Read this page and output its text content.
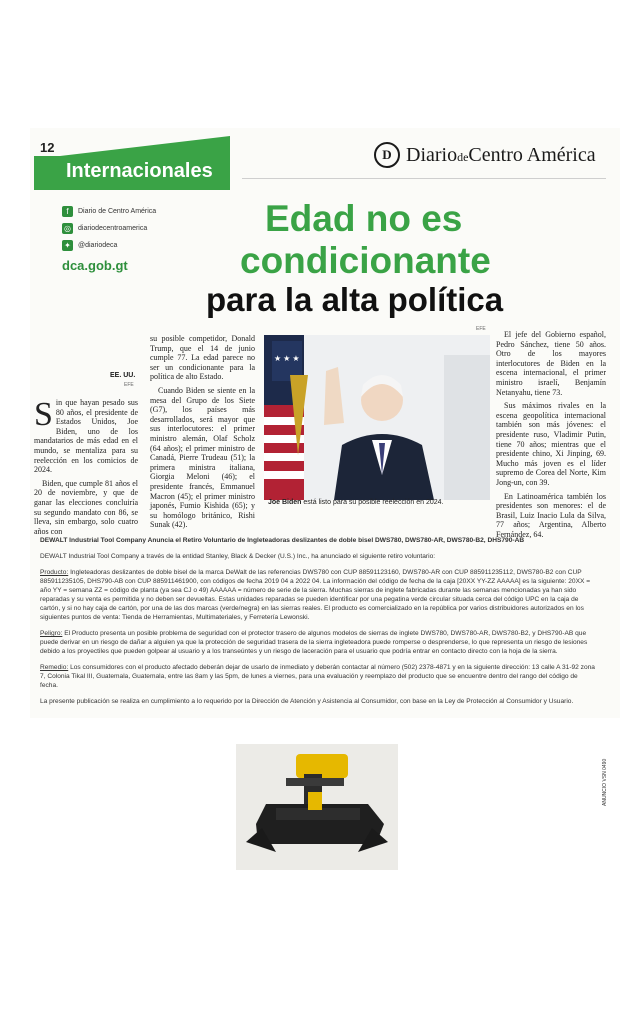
12
Internacionales
D DiariodeCentro América
f	Diario de Centro América
◎ diariodecentroamerica
✦	@diariodeca
dca.gob.gt
Edad no es
condicionante
para la alta política
EE. UU.
EFE

Sin que hayan pesado sus 80 años, el presidente de Estados Unidos, Joe Biden, uno de los mandatarios de más edad en el mundo, se mentaliza para su reelección en los comicios de 2024.

Biden, que cumple 81 años el 20 de noviembre, y que de ganar las elecciones concluiría su segundo mandato con 86, se lleva, sin embargo, solo cuatro años con

su posible competidor, Donald Trump, que el 14 de junio cumple 77. La edad parece no ser un condicionante para la política de alto Estado.

Cuando Biden se siente en la mesa del Grupo de los Siete (G7), los países más desarrollados, será mayor que sus interlocutores: el primer ministro alemán, Olaf Scholz (64 años); el primer ministro de Canadá, Pierre Trudeau (51); la primera ministra italiana, Giorgia Meloni (46); el presidente francés, Emmanuel Macron (45); el primer ministro japonés, Fumio Kishida (65); y su homólogo británico, Rishi Sunak (42).

★ ★ ★
EFE
Joe Biden está listo para su posible reelección en 2024.

El jefe del Gobierno español, Pedro Sánchez, tiene 50 años. Otro de los mayores interlocutores de Biden en la escena internacional, el primer ministro israelí, Benjamín Netanyahu, tiene 73.

Sus máximos rivales en la escena geopolítica internacional también son más jóvenes: el presidente ruso, Vladimir Putin, tiene 70 años; mientras que el presidente chino, Xi Jinping, 69. Mucho más joven es el líder supremo de Corea del Norte, Kim Jong-un, con 39.

En Latinoamérica también los presidentes son menores: el de Brasil, Luiz Inacio Lula da Silva, 77 años; Argentina, Alberto Fernández, 64.

DEWALT Industrial Tool Company Anuncia el Retiro Voluntario de Ingleteadoras deslizantes de doble bisel DWS780, DWS780-AR, DWS780-B2, DHS790-AB

DEWALT Industrial Tool Company a través de la entidad Stanley, Black & Decker (U.S.) Inc., ha anunciado el siguiente retiro voluntario:

Producto: Ingleteadoras deslizantes de doble bisel de la marca DeWalt de las referencias DWS780 con CUP 88591123160, DWS780-AR con CUP 885911235112, DWS780-B2 con CUP 885911235105, DHS790-AB con CUP 885911461900, con códigos de fecha 2019 04 a 2022 04. La información del código de fecha de la caja [20XX YY-ZZ AAAAA] es la siguiente: 20XX = año YY = semana ZZ = código de planta (ya sea CJ o 49) AAAAAA = número de serie de la sierra. Muchas sierras de inglete fabricadas durante las semanas mencionadas ya han sido reparadas y su venta es permitida y no deben ser devueltas. Estas unidades reparadas se pueden identificar por una pegatina verde circular situada cerca del código UPC en la caja de cartón, y si no hay caja de cartón, por una de las dos marcas (verde/negra) en las sierras reales. El producto es comercializado en la república por varios distribuidores autorizados en los siguientes puntos de venta: Tienda de Herramientas, Multimateriales, y Ferretería Lewonski.

Peligro: El Producto presenta un posible problema de seguridad con el protector trasero de algunos modelos de sierras de inglete DWS780, DWS780-AR, DWS780-B2, y DHS790-AB que puede derivar en un riesgo de dañar a alguien ya que la protección de seguridad trasera de la sierra ingleteadora puede romperse o desprenderse, lo que representa un riesgo de lesiones debido a los proyectiles que pueden golpear al usuario y a los transeúntes y un riesgo de laceración para el usuario que podría entrar en contacto directo con la hoja de la sierra.

Remedio: Los consumidores con el producto afectado deberán dejar de usarlo de inmediato y deberán contactar al número (502) 2378-4871 y en la siguiente dirección: 13 calle A 31-92 zona 7, Colonia Tikal III, Guatemala, Guatemala, entre las 8am y las 5pm, de lunes a viernes, para una evaluación y reemplazo del producto que se encuentre dentro del rango del código de fecha.

La presente publicación se realiza en cumplimiento a lo requerido por la Dirección de Atención y Asistencia al Consumidor, con base en la Ley de Protección al Consumidor y Usuario.

ANUNCIO VSN 0490
